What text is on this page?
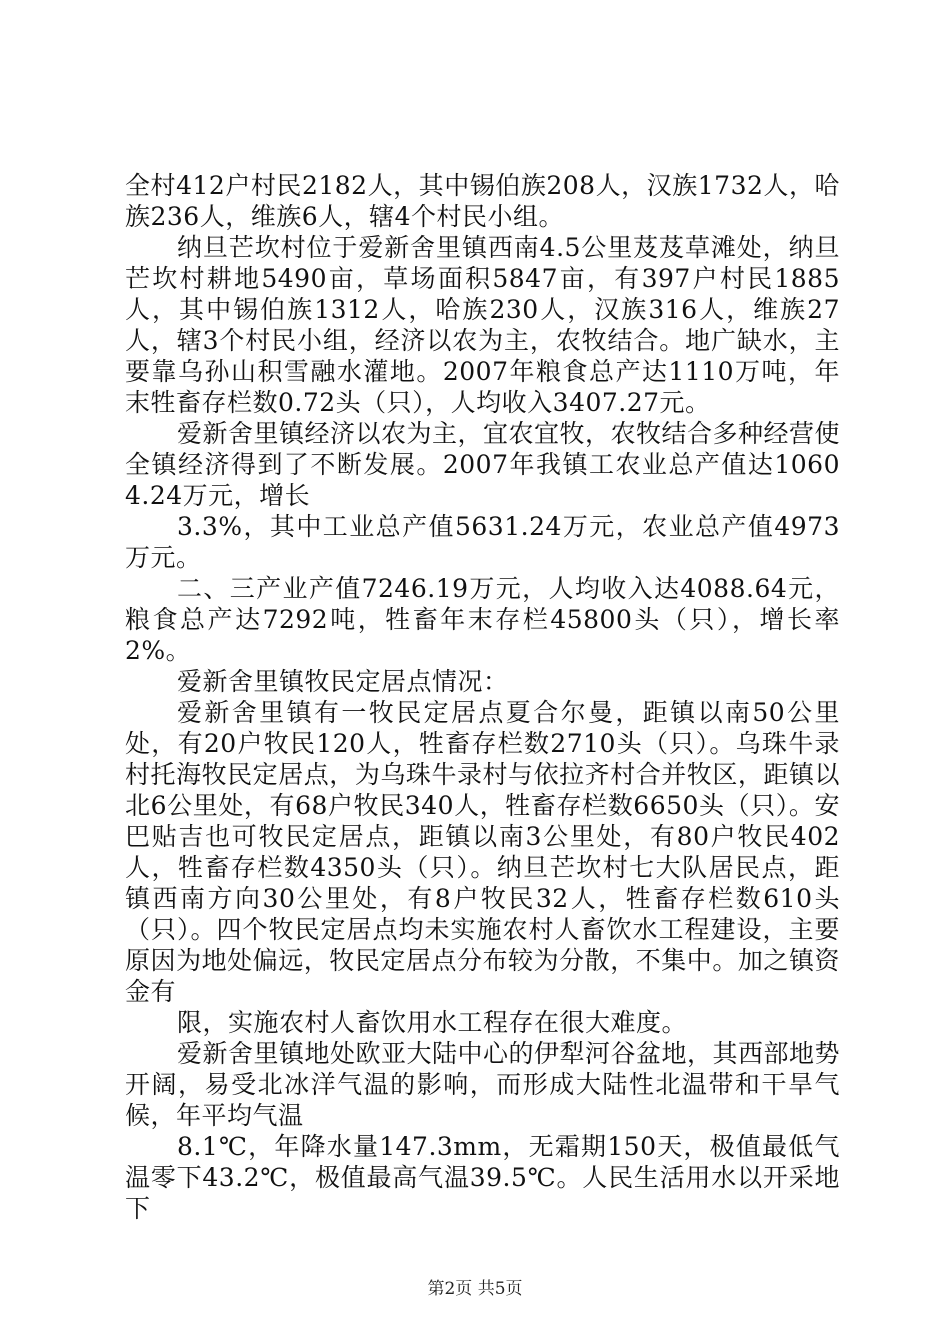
全村412户村民2182人，其中锡伯族208人，汉族1732人，哈族236人，维族6人，辖4个村民小组。

纳旦芒坎村位于爱新舍里镇西南4.5公里芨芨草滩处，纳旦芒坎村耕地5490亩，草场面积5847亩，有397户村民1885人，其中锡伯族1312人，哈族230人，汉族316人，维族27人，辖3个村民小组，经济以农为主，农牧结合。地广缺水，主要靠乌孙山积雪融水灌地。2007年粮食总产达1110万吨，年末牲畜存栏数0.72头（只），人均收入3407.27元。

爱新舍里镇经济以农为主，宜农宜牧，农牧结合多种经营使全镇经济得到了不断发展。2007年我镇工农业总产值达10604.24万元，增长

3.3%，其中工业总产值5631.24万元，农业总产值4973万元。

二、三产业产值7246.19万元，人均收入达4088.64元，粮食总产达7292吨，牲畜年末存栏45800头（只），增长率2%。

爱新舍里镇牧民定居点情况：

爱新舍里镇有一牧民定居点夏合尔曼，距镇以南50公里处，有20户牧民120人，牲畜存栏数2710头（只）。乌珠牛录村托海牧民定居点，为乌珠牛录村与依拉齐村合并牧区，距镇以北6公里处，有68户牧民340人，牲畜存栏数6650头（只）。安巴贴吉也可牧民定居点，距镇以南3公里处，有80户牧民402人，牲畜存栏数4350头（只）。纳旦芒坎村七大队居民点，距镇西南方向30公里处，有8户牧民32人，牲畜存栏数610头（只）。四个牧民定居点均未实施农村人畜饮水工程建设，主要原因为地处偏远，牧民定居点分布较为分散，不集中。加之镇资金有

限，实施农村人畜饮用水工程存在很大难度。

爱新舍里镇地处欧亚大陆中心的伊犁河谷盆地，其西部地势开阔，易受北冰洋气温的影响，而形成大陆性北温带和干旱气候，年平均气温

8.1℃，年降水量147.3mm，无霜期150天，极值最低气温零下43.2℃，极值最高气温39.5℃。人民生活用水以开采地下

第2页 共5页
